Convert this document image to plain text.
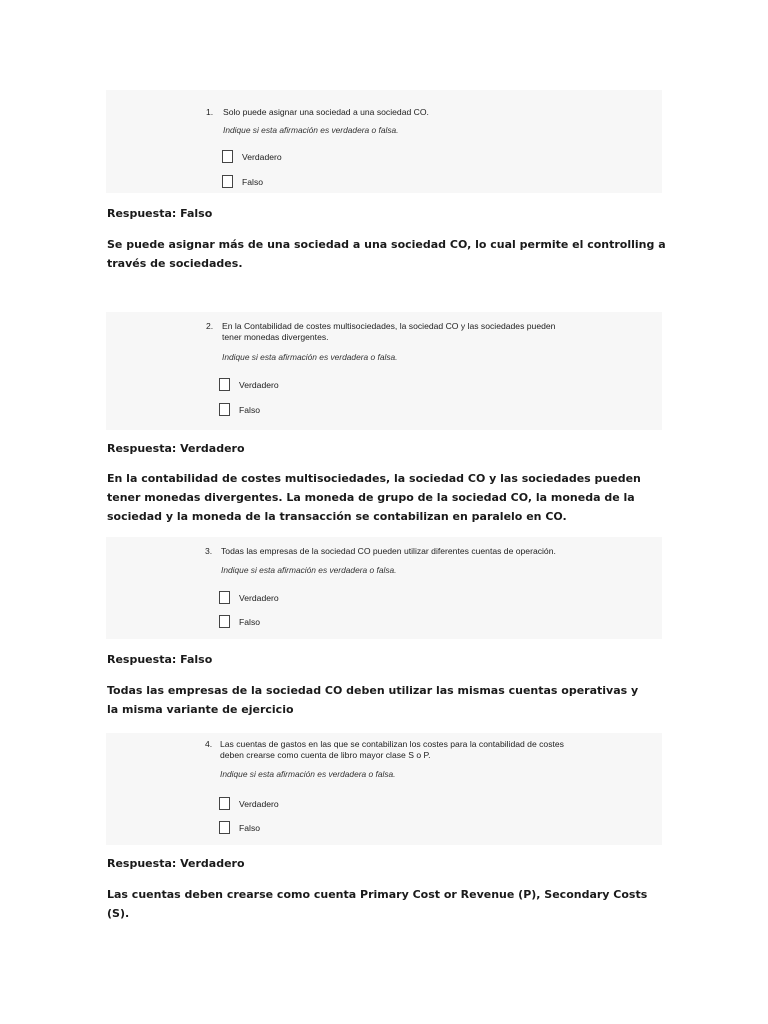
1. Solo puede asignar una sociedad a una sociedad CO.
Indique si esta afirmación es verdadera o falsa.
Verdadero
Falso
Respuesta: Falso
Se puede asignar más de una sociedad a una sociedad CO, lo cual permite el controlling a través de sociedades.
2. En la Contabilidad de costes multisociedades, la sociedad CO y las sociedades pueden
tener monedas divergentes.
Indique si esta afirmación es verdadera o falsa.
Verdadero
Falso
Respuesta: Verdadero
En la contabilidad de costes multisociedades, la sociedad CO y las sociedades pueden tener monedas divergentes. La moneda de grupo de la sociedad CO, la moneda de la sociedad y la moneda de la transacción se contabilizan en paralelo en CO.
3. Todas las empresas de la sociedad CO pueden utilizar diferentes cuentas de operación.
Indique si esta afirmación es verdadera o falsa.
Verdadero
Falso
Respuesta: Falso
Todas las empresas de la sociedad CO deben utilizar las mismas cuentas operativas y la misma variante de ejercicio
4. Las cuentas de gastos en las que se contabilizan los costes para la contabilidad de costes
deben crearse como cuenta de libro mayor clase S o P.
Indique si esta afirmación es verdadera o falsa.
Verdadero
Falso
Respuesta: Verdadero
Las cuentas deben crearse como cuenta Primary Cost or Revenue (P), Secondary Costs (S).
